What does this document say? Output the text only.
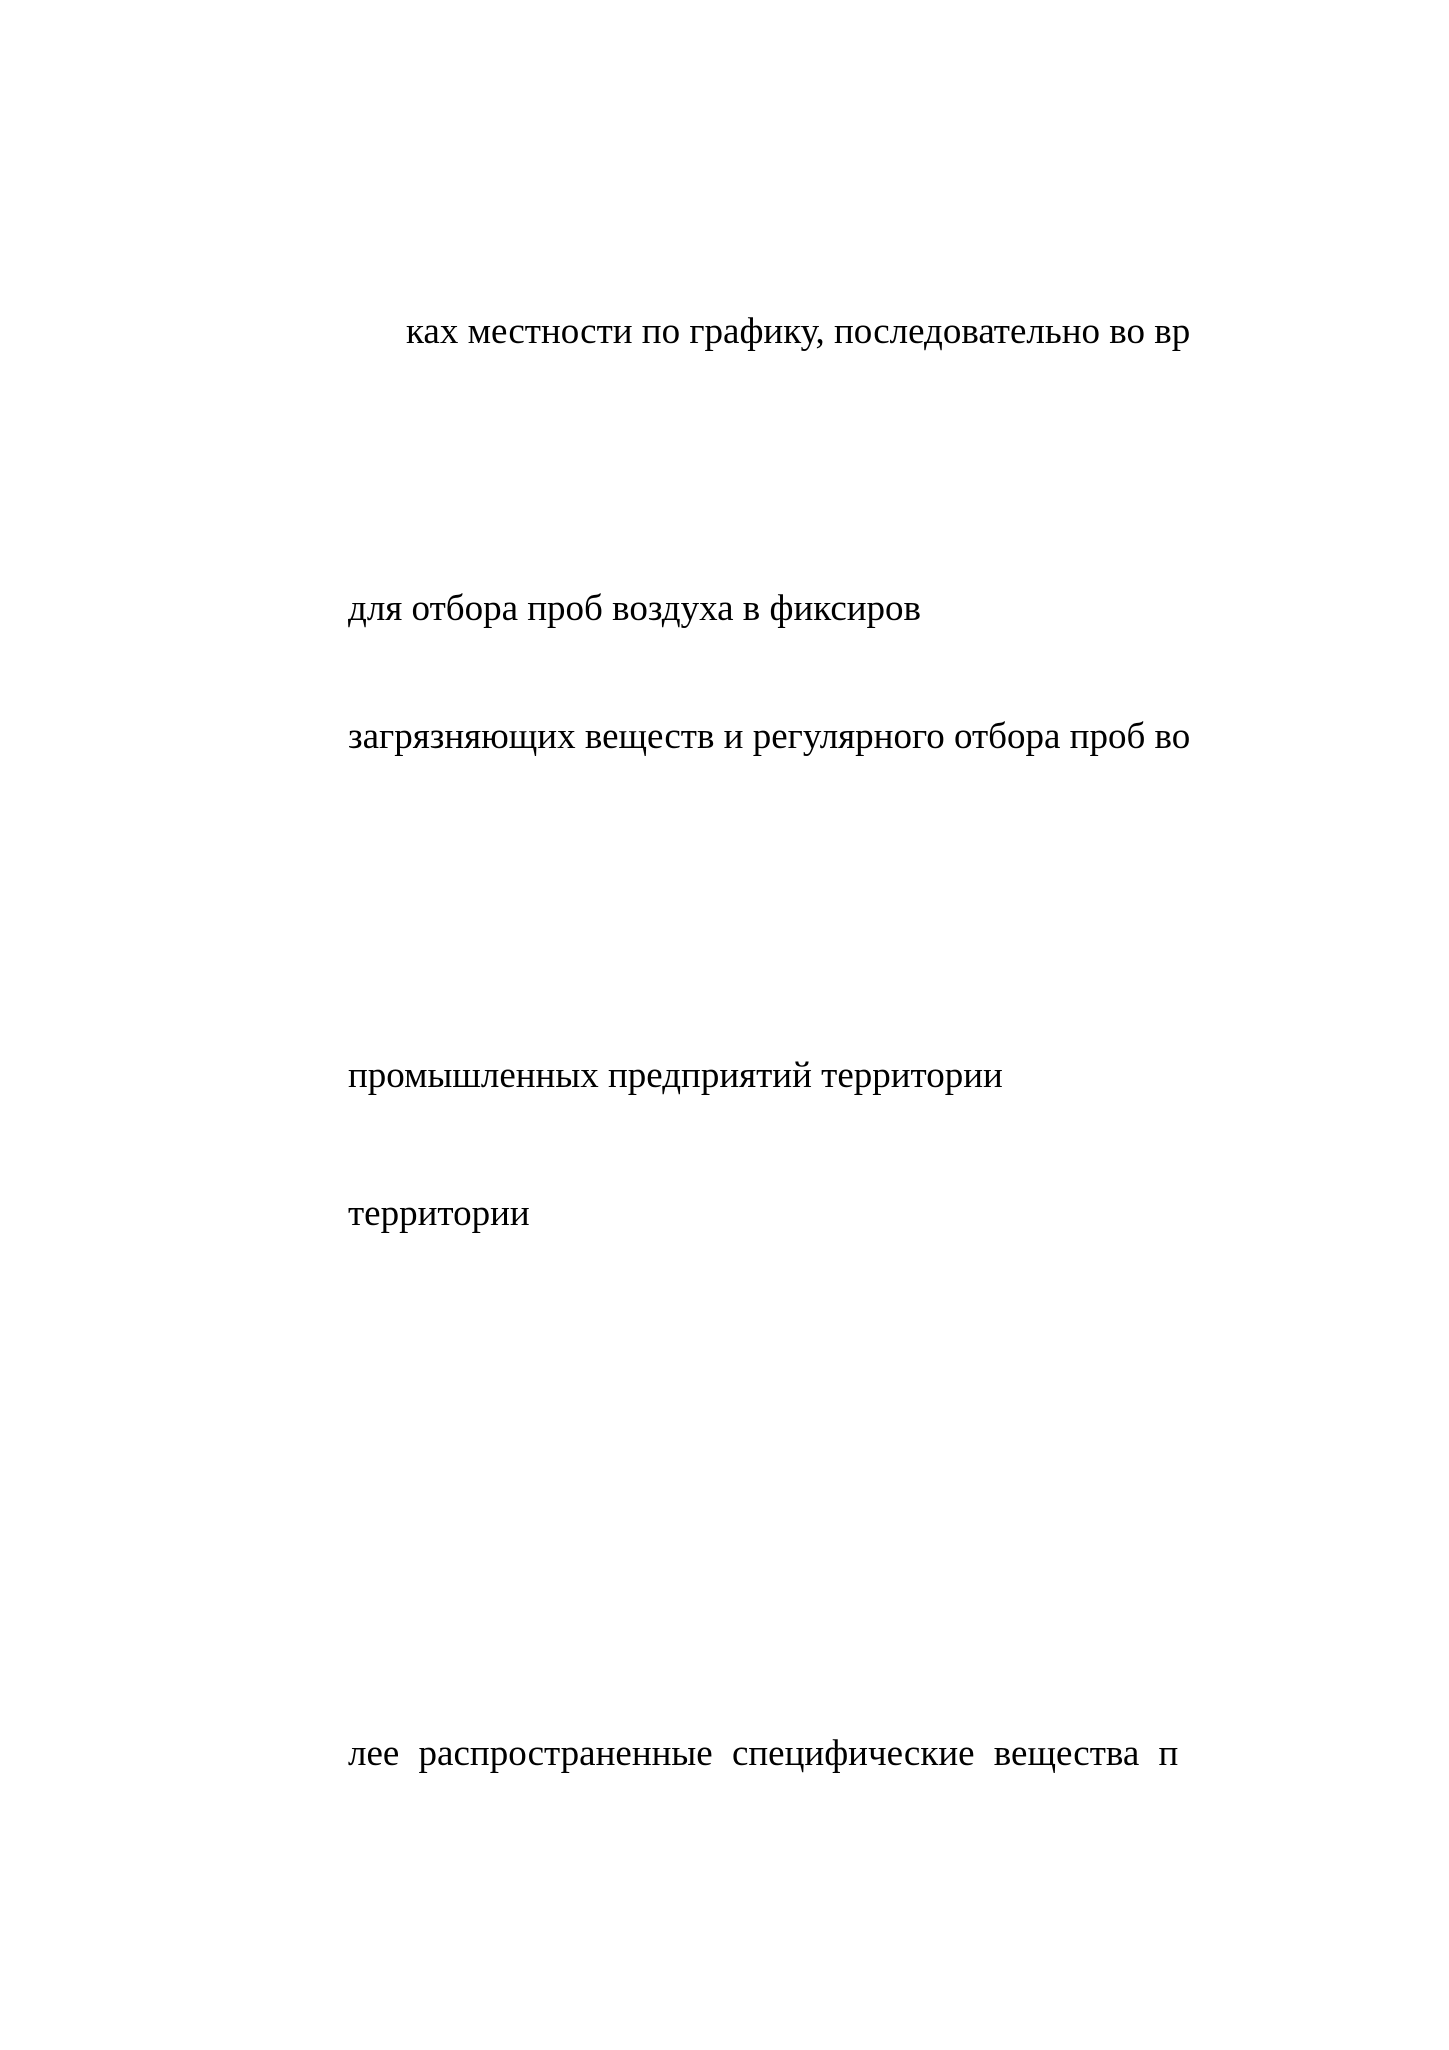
ках местности по графику, последовательно во вр

для отбора проб воздуха в фиксиров

загрязняющих веществ и регулярного отбора проб во

промышленных предприятий территории

территории

лее распространенные специфические вещества п
